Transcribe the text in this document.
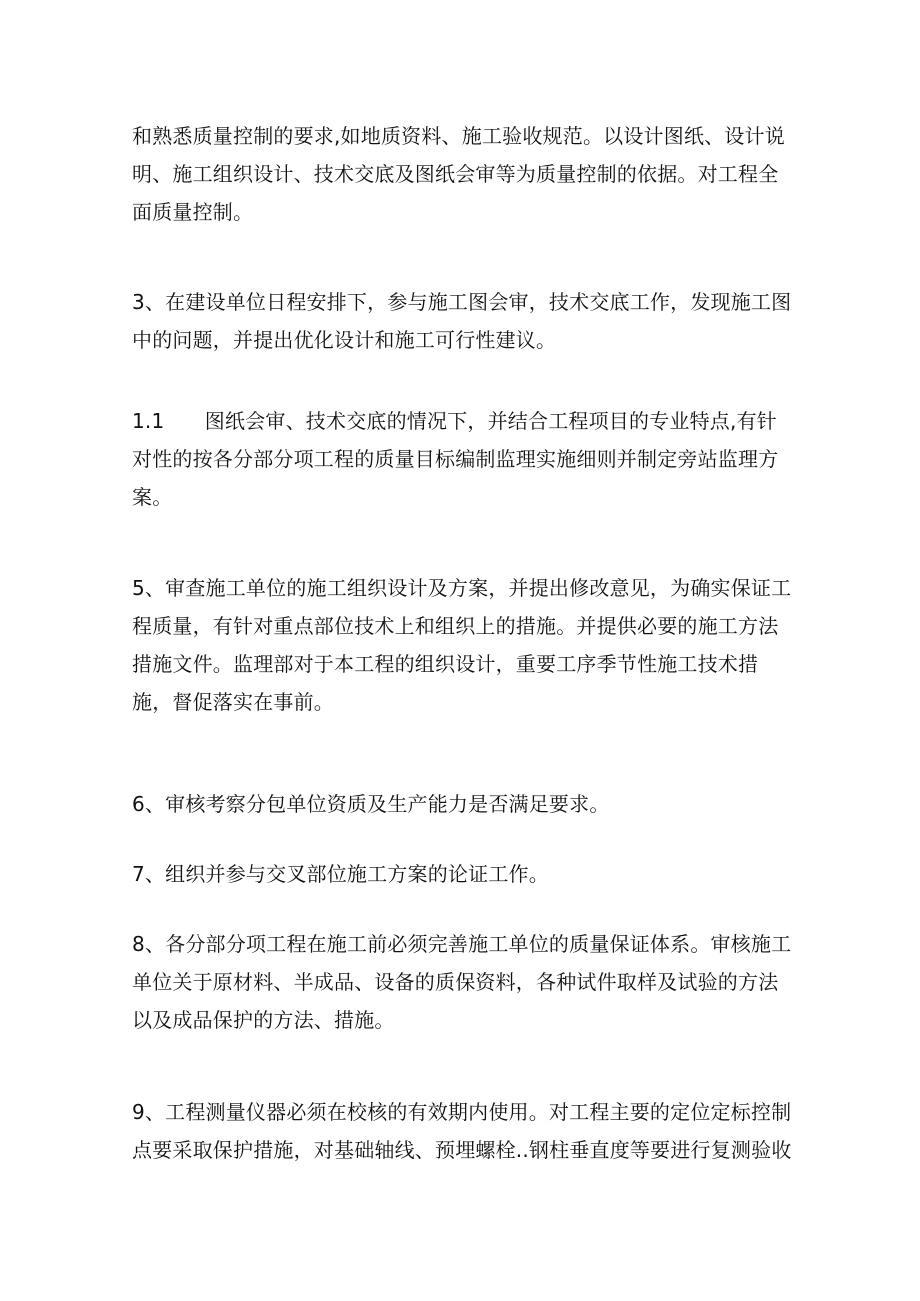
和熟悉质量控制的要求,如地质资料、施工验收规范。以设计图纸、设计说
明、施工组织设计、技术交底及图纸会审等为质量控制的依据。对工程全
面质量控制。

3、在建设单位日程安排下，参与施工图会审，技术交底工作，发现施工图
中的问题，并提出优化设计和施工可行性建议。

1.1　　图纸会审、技术交底的情况下，并结合工程项目的专业特点,有针
对性的按各分部分项工程的质量目标编制监理实施细则并制定旁站监理方
案。

5、审查施工单位的施工组织设计及方案，并提出修改意见，为确实保证工
程质量，有针对重点部位技术上和组织上的措施。并提供必要的施工方法
措施文件。监理部对于本工程的组织设计，重要工序季节性施工技术措
施，督促落实在事前。

6、审核考察分包单位资质及生产能力是否满足要求。

7、组织并参与交叉部位施工方案的论证工作。

8、各分部分项工程在施工前必须完善施工单位的质量保证体系。审核施工
单位关于原材料、半成品、设备的质保资料，各种试件取样及试验的方法
以及成品保护的方法、措施。

9、工程测量仪器必须在校核的有效期内使用。对工程主要的定位定标控制
点要采取保护措施，对基础轴线、预埋螺栓..钢柱垂直度等要进行复测验收
